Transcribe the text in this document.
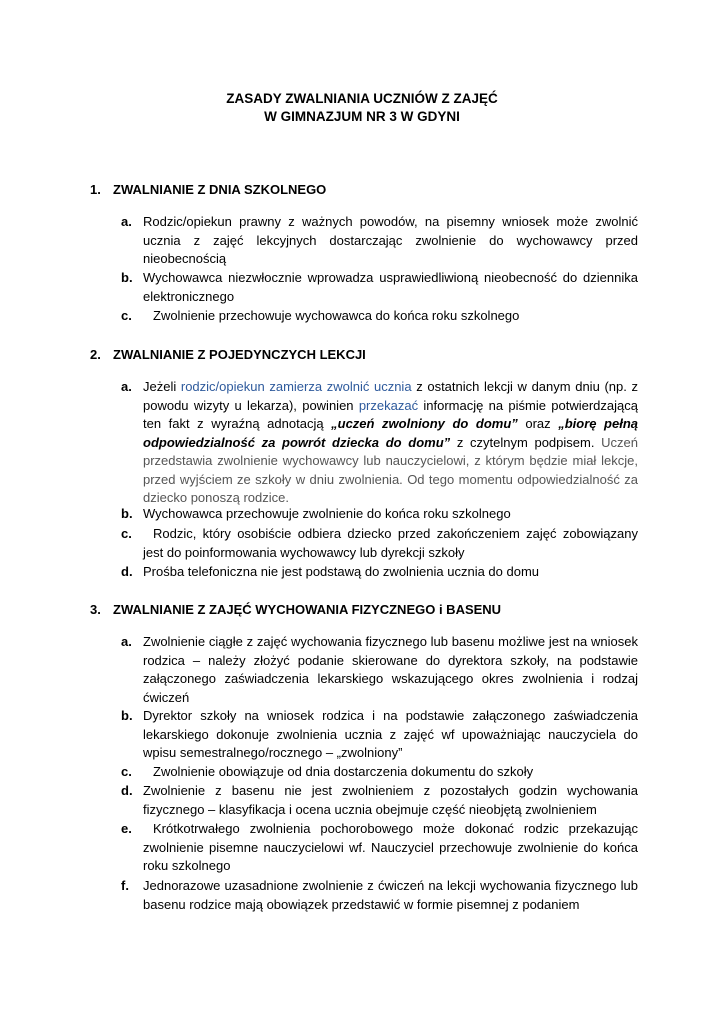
ZASADY ZWALNIANIA UCZNIÓW Z ZAJĘĆ
W GIMNAZJUM NR 3 W GDYNI
1. ZWALNIANIE Z DNIA SZKOLNEGO
a. Rodzic/opiekun prawny z ważnych powodów, na pisemny wniosek może zwolnić ucznia z zajęć lekcyjnych dostarczając zwolnienie do wychowawcy przed nieobecnością
b. Wychowawca niezwłocznie wprowadza usprawiedliwioną nieobecność do dziennika elektronicznego
c.	Zwolnienie przechowuje wychowawca do końca roku szkolnego
2. ZWALNIANIE Z POJEDYNCZYCH LEKCJI
a. Jeżeli rodzic/opiekun zamierza zwolnić ucznia z ostatnich lekcji w danym dniu (np. z powodu wizyty u lekarza), powinien przekazać informację na piśmie potwierdzającą ten fakt z wyraźną adnotacją „uczeń zwolniony do domu” oraz „biorę pełną odpowiedzialność za powrót dziecka do domu” z czytelnym podpisem. Uczeń przedstawia zwolnienie wychowawcy lub nauczycielowi, z którym będzie miał lekcje, przed wyjściem ze szkoły w dniu zwolnienia. Od tego momentu odpowiedzialność za dziecko ponoszą rodzice.
b. Wychowawca przechowuje zwolnienie do końca roku szkolnego
c.	Rodzic, który osobiście odbiera dziecko przed zakończeniem zajęć zobowiązany jest do poinformowania wychowawcy lub dyrekcji szkoły
d. Prośba telefoniczna nie jest podstawą do zwolnienia ucznia do domu
3. ZWALNIANIE Z ZAJĘĆ WYCHOWANIA FIZYCZNEGO i BASENU
a. Zwolnienie ciągłe z zajęć wychowania fizycznego lub basenu możliwe jest na wniosek rodzica – należy złożyć podanie skierowane do dyrektora szkoły, na podstawie załączonego zaświadczenia lekarskiego wskazującego okres zwolnienia i rodzaj ćwiczeń
b. Dyrektor szkoły na wniosek rodzica i na podstawie załączonego zaświadczenia lekarskiego dokonuje zwolnienia ucznia z zajęć wf upoważniając nauczyciela do wpisu semestralnego/rocznego – „zwolniony”
c.	Zwolnienie obowiązuje od dnia dostarczenia dokumentu do szkoły
d. Zwolnienie z basenu nie jest zwolnieniem z pozostałych godzin wychowania fizycznego – klasyfikacja i ocena ucznia obejmuje część nieobjętą zwolnieniem
e.	Krótkotrwałego zwolnienia pochorobowego może dokonać rodzic przekazując zwolnienie pisemne nauczycielowi wf. Nauczyciel przechowuje zwolnienie do końca roku szkolnego
f. Jednorazowe uzasadnione zwolnienie z ćwiczeń na lekcji wychowania fizycznego lub basenu rodzice mają obowiązek przedstawić w formie pisemnej z podaniem
